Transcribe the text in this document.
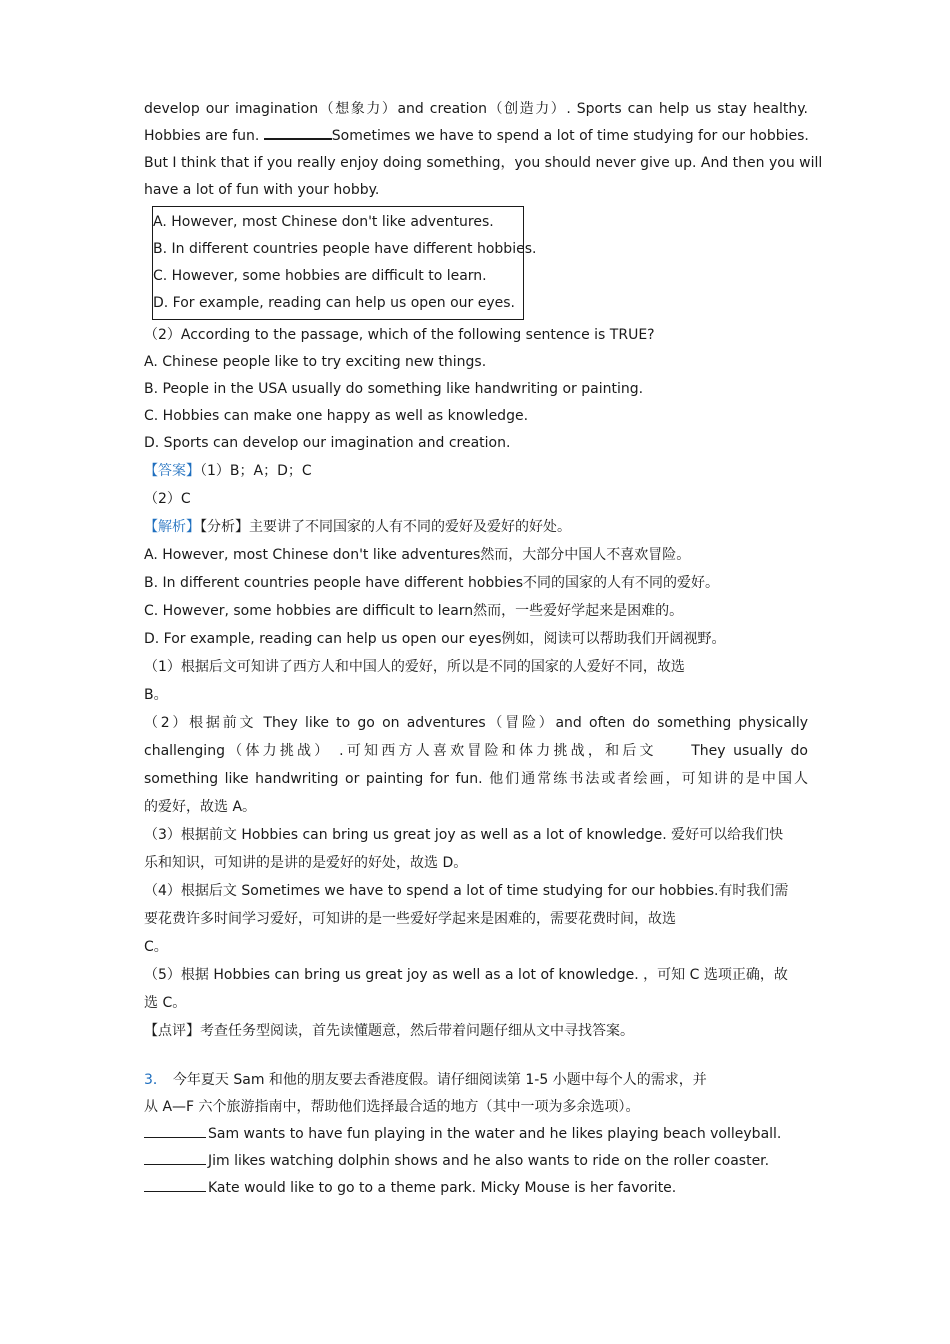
develop our imagination（想象力）and creation（创造力）. Sports can help us stay healthy.
Hobbies are fun.	Sometimes we have to spend a lot of time studying for our hobbies.
But I think that if you really enjoy doing something，you should never give up. And then you will
have a lot of fun with your hobby.
A. However, most Chinese don't like adventures.
B. In different countries people have different hobbies.
C. However, some hobbies are difficult to learn.
D. For example, reading can help us open our eyes.
（2）According to the passage, which of the following sentence is TRUE?
A. Chinese people like to try exciting new things.
B. People in the USA usually do something like handwriting or painting.
C. Hobbies can make one happy as well as knowledge.
D. Sports can develop our imagination and creation.
【答案】（1）B；A；D；C
（2）C
【解析】【分析】主要讲了不同国家的人有不同的爱好及爱好的好处。
A. However, most Chinese don't like adventures然而，大部分中国人不喜欢冒险。
B. In different countries people have different hobbies不同的国家的人有不同的爱好。
C. However, some hobbies are difficult to learn然而，一些爱好学起来是困难的。
D. For example, reading can help us open our eyes例如，阅读可以帮助我们开阔视野。
（1）根据后文可知讲了西方人和中国人的爱好，所以是不同的国家的人爱好不同，故选
B。
（2）根据前文 They like to go on adventures（冒险）and often do something physically
challenging（体力挑战） .可知西方人喜欢冒险和体力挑战，和后文　　They usually do
something like handwriting or painting for fun. 他们通常练书法或者绘画，可知讲的是中国人
的爱好，故选 A。
（3）根据前文 Hobbies can bring us great joy as well as a lot of knowledge. 爱好可以给我们快
乐和知识，可知讲的是讲的是爱好的好处，故选 D。
（4）根据后文 Sometimes we have to spend a lot of time studying for our hobbies.有时我们需
要花费许多时间学习爱好，可知讲的是一些爱好学起来是困难的，需要花费时间，故选
C。
（5）根据 Hobbies can bring us great joy as well as a lot of knowledge. ，可知 C 选项正确，故
选 C。
【点评】考查任务型阅读，首先读懂题意，然后带着问题仔细从文中寻找答案。
3． 今年夏天 Sam 和他的朋友要去香港度假。请仔细阅读第 1-5 小题中每个人的需求，并
从 A—F 六个旅游指南中，帮助他们选择最合适的地方（其中一项为多余选项）。
Sam wants to have fun playing in the water and he likes playing beach volleyball.
Jim likes watching dolphin shows and he also wants to ride on the roller coaster.
Kate would like to go to a theme park. Micky Mouse is her favorite.
